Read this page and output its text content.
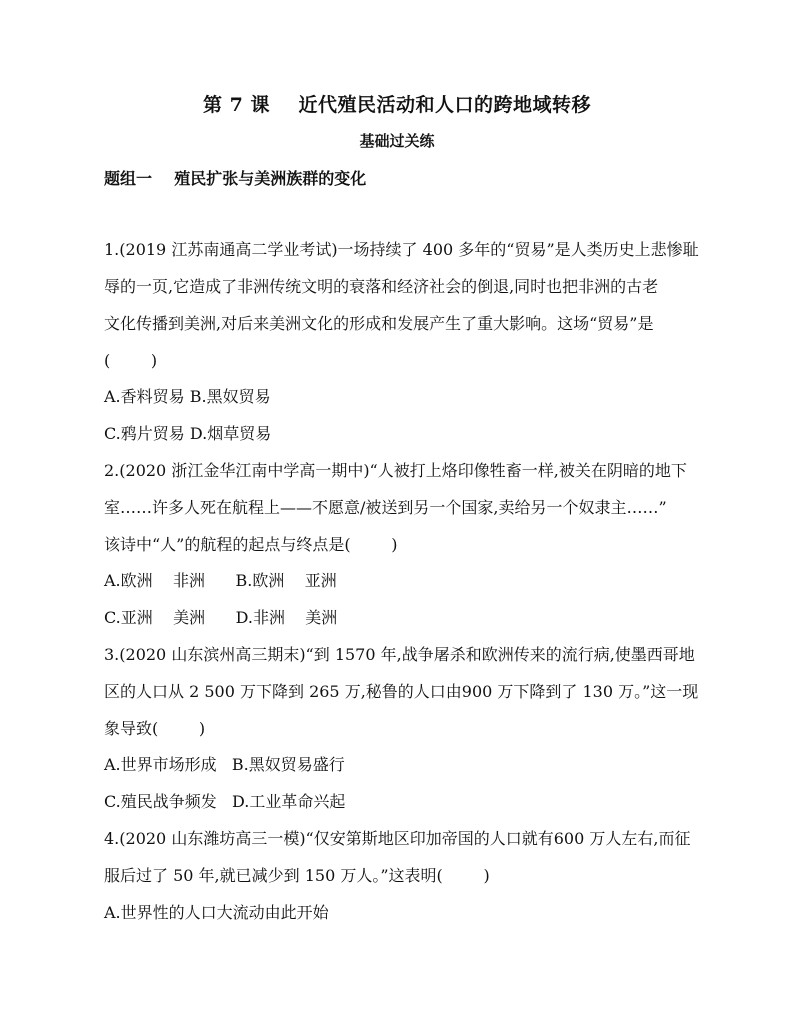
第 7 课    近代殖民活动和人口的跨地域转移
基础过关练
题组一    殖民扩张与美洲族群的变化
1.(2019 江苏南通高二学业考试)一场持续了 400 多年的“贸易”是人类历史上悲惨耻
辱的一页,它造成了非洲传统文明的衰落和经济社会的倒退,同时也把非洲的古老
文化传播到美洲,对后来美洲文化的形成和发展产生了重大影响。这场“贸易”是
(        )
A.香料贸易 B.黑奴贸易
C.鸦片贸易 D.烟草贸易
2.(2020 浙江金华江南中学高一期中)“人被打上烙印像牲畜一样,被关在阴暗的地下
室……许多人死在航程上——不愿意/被送到另一个国家,卖给另一个奴隶主……”
该诗中“人”的航程的起点与终点是(        )
A.欧洲    非洲      B.欧洲    亚洲
C.亚洲    美洲      D.非洲    美洲
3.(2020 山东滨州高三期末)“到 1570 年,战争屠杀和欧洲传来的流行病,使墨西哥地
区的人口从 2 500 万下降到 265 万,秘鲁的人口由900 万下降到了 130 万。”这一现
象导致(        )
A.世界市场形成   B.黑奴贸易盛行
C.殖民战争频发   D.工业革命兴起
4.(2020 山东潍坊高三一模)“仅安第斯地区印加帝国的人口就有600 万人左右,而征
服后过了 50 年,就已减少到 150 万人。”这表明(        )
A.世界性的人口大流动由此开始
